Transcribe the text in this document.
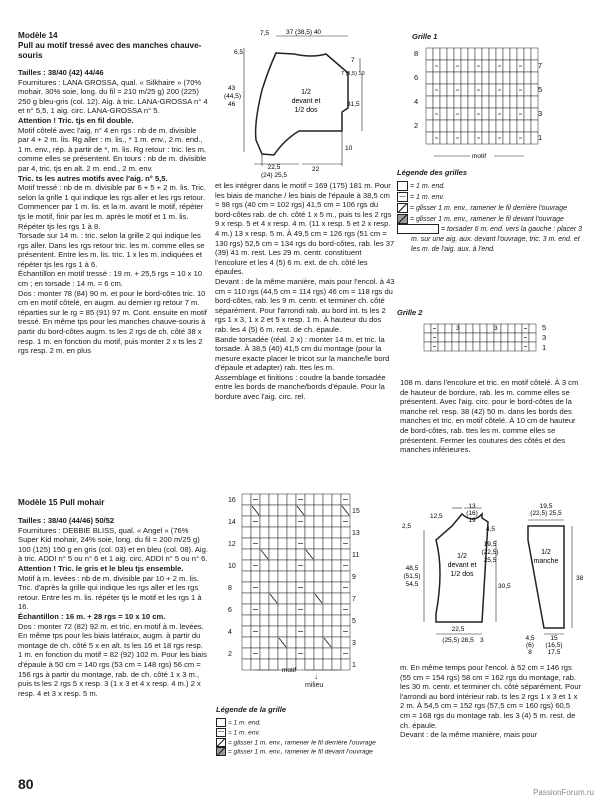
Modèle 14

Pull au motif tressé avec des manches chauve-souris

Tailles : 38/40 (42) 44/46

Fournitures : LANA GROSSA, qual. « Silkhaire » (70% mohair, 30% soie, long. du fil = 210 m/25 g) 200 (225) 250 g bleu-gris (col. 12). Aig. à tric. LANA-GROSSA n° 4 et n° 5,5, 1 aig. circ. LANA-GROSSA n° 5.

Attention ! Tric. tjs en fil double.

Motif côtelé avec l'aig. n° 4 en rgs : nb de m. divisible par 4 + 2 m. lis. Rg aller : m. lis., * 1 m. env., 2 m. end., 1 m. env., rép. à partir de *, m. lis. Rg retour : tric. les m. comme elles se présentent. En tours : nb de m. divisible par 4, tric. tjs en alt. 2 m. end., 2 m. env.

Tric. ts les autres motifs avec l'aig. n° 5,5.

Motif tressé : nb de m. divisible par 6 + 5 + 2 m. lis. Tric. selon la grille 1 qui indique les rgs aller et les rgs retour. Commencer par 1 m. lis. et la m. avant le motif, répéter tjs le motif, finir par les m. après le motif et 1 m. lis. Répéter tjs les rgs 1 à 8.

Torsade sur 14 m. : tric. selon la grille 2 qui indique les rgs aller. Dans les rgs retour tric. les m. comme elles se présentent. Entre les m. lis. tric. 1 x les m. indiquées et répéter tjs les rgs 1 à 6.

Échantillon en motif tressé : 19 m. + 25,5 rgs = 10 x 10 cm ; en torsade : 14 m. = 6 cm.

Dos : monter 78 (84) 90 m. et pour le bord-côtes tric. 10 cm en motif côtelé, en augm. au dernier rg retour 7 m. réparties sur le rg = 85 (91) 97 m. Cont. ensuite en motif tressé. En même tps pour les manches chauve-souris à partir du bord-côtes augm. ts les 2 rgs de ch. côté 38 x resp. 1 m. en fonction du motif, puis monter 2 x ts les 2 rgs resp. 2 m. en plus

Modèle 15 Pull mohair

Tailles : 38/40 (44/46) 50/52

Fournitures : DEBBIE BLISS, qual. « Angel » (76% Super Kid mohair, 24% soie, long. du fil = 200 m/25 g) 100 (125) 150 g en gris (col. 03) et en bleu (col. 08). Aig. à tric. ADDI n° 5 ou n° 6 et 1 aig. circ. ADDI n° 5 ou n° 6.

Attention ! Tric. le gris et le bleu tjs ensemble.

Motif à m. levées : nb de m. divisible par 10 + 2 m. lis. Tric. d'après la grille qui indique les rgs aller et les rgs retour. Entre les m. lis. répéter tjs le motif et les rgs 1 à 16.

Échantillon : 16 m. + 28 rgs = 10 x 10 cm.

Dos : monter 72 (82) 92 m. et tric. en motif à m. levées. En même tps pour les biais latéraux, augm. à partir du montage de ch. côté 5 x en alt. ts les 16 et 18 rgs resp. 1 m. en fonction du motif = 82 (92) 102 m. Pour les biais d'épaule à 50 cm = 140 rgs (53 cm = 148 rgs) 56 cm = 156 rgs à partir du montage, rab. de ch. côté 1 x 3 m., puis ts les 2 rgs 5 x resp. 3 (1 x 3 et 4 x resp. 4 m.) 2 x resp. 4 et 3 x resp. 5 m.

7,5	37 (38,5) 40
6,5
43 (44,5) 46
1/2 devant et 1/2 dos
7 (8,5) 10
31,5
10
7
22,5 (24) 25,5
22

et les intégrer dans le motif = 169 (175) 181 m. Pour les biais de manche / les biais de l'épaule à 38,5 cm = 98 rgs (40 cm = 102 rgs) 41,5 cm = 106 rgs du bord-côtes rab. de ch. côté 1 x 5 m., puis ts les 2 rgs 9 x resp. 5 et 4 x resp. 4 m. (11 x resp. 5 et 2 x resp. 4 m.) 13 x resp. 5 m. À 49,5 cm = 126 rgs (51 cm = 130 rgs) 52,5 cm = 134 rgs du bord-côtes, rab. les 37 (39) 41 m. rest. Les 29 m. centr. constituent l'encolure et les 4 (5) 6 m. ext. de ch. côté les épaules.

Devant : de la même manière, mais pour l'encol. à 43 cm = 110 rgs (44,5 cm = 114 rgs) 46 cm = 118 rgs du bord-côtes, rab. les 9 m. centr. et terminer ch. côté séparément. Pour l'arrondi rab. au bord int. ts les 2 rgs 1 x 3, 1 x 2 et 5 x resp. 1 m. À hauteur du dos rab. les 4 (5) 6 m. rest. de ch. épaule.

Bande torsadée (réal. 2 x) : monter 14 m. et tric. la torsade. À 38,5 (40) 41,5 cm du montage (pour la mesure exacte placer le tricot sur la manche/le bord d'épaule et adapter) rab. ttes les m.

Assemblage et finitions : coudre la bande torsadée entre les bords de manche/bords d'épaule. Pour la bordure avec l'aig. circ. rel.

16
14
12
10
8
6
4
2
15
13
11
9
7
5
3
1
motif
↓
milieu

Légende de la grille

= 1 m. end.

— = 1 m. env.

= glisser 1 m. env., ramener le fil derrière l'ouvrage

= glisser 1 m. env., ramener le fil devant l'ouvrage

Grille 1
8
6
4
2
7
5
3
1
motif

Légende des grilles

= 1 m. end.

— = 1 m. env.

= glisser 1 m. env., ramener le fil derrière l'ouvrage

= glisser 1 m. env., ramener le fil devant l'ouvrage

= torsader 6 m. end. vers la gauche : placer 3 m. sur une aig. aux. devant l'ouvrage, tric. 3 m. end. et les m. de l'aig. aux. à l'end.

Grille 2
3	3	5
3
1

108 m. dans l'encolure et tric. en motif côtelé. À 3 cm de hauteur de bordure, rab. les m. comme elles se présentent. Avec l'aig. circ. pour le bord-côtes de la manche rel. resp. 38 (42) 50 m. dans les bords des manches et tric. en motif côtelé. À 10 cm de hauteur de bord-côtes, rab. ttes les m. comme elles se présentent. Fermer les coutures des côtés et des manches inférieures.

12,5
13 (16) 19
2,5	4,5
19,5 (22,5) 25,5
1/2 devant et 1/2 dos
48,5 (51,5) 54,5	30,5
22,5 (25,5) 28,5 3
19,5 (22,5) 25,5
1/2 manche
38
15 (16,5)
17,5
4,5 (6) 8

m. En même temps pour l'encol. à 52 cm = 146 rgs (55 cm = 154 rgs) 58 cm = 162 rgs du montage, rab. les 30 m. centr. et terminer ch. côté séparément. Pour l'arrondi au bord intérieur rab. ts les 2 rgs 1 x 3 et 1 x 2 m. À 54,5 cm = 152 rgs (57,5 cm = 160 rgs) 60,5 cm = 168 rgs du montage rab. les 3 (4) 5 m. rest. de ch. épaule.

Devant : de la même manière, mais pour

80
PassionForum.ru
